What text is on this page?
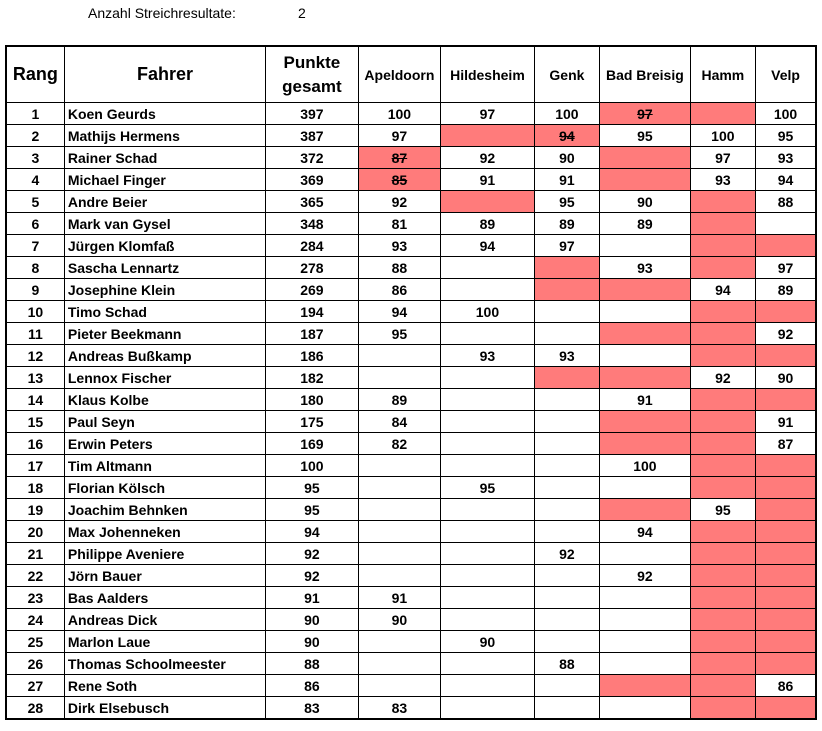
Anzahl Streichresultate:	2
Rang	Fahrer	Punkte gesamt	Apeldoorn	Hildesheim	Genk	Bad Breisig	Hamm	Velp
1	Koen Geurds	397	100	97	100	97		100
2	Mathijs Hermens	387	97		94	95	100	95
3	Rainer Schad	372	87	92	90		97	93
4	Michael Finger	369	85	91	91		93	94
5	Andre Beier	365	92		95	90		88
6	Mark van Gysel	348	81	89	89	89		
7	Jürgen Klomfaß	284	93	94	97			
8	Sascha Lennartz	278	88			93		97
9	Josephine Klein	269	86				94	89
10	Timo Schad	194	94	100				
11	Pieter Beekmann	187	95					92
12	Andreas Bußkamp	186		93	93			
13	Lennox Fischer	182					92	90
14	Klaus Kolbe	180	89			91		
15	Paul Seyn	175	84					91
16	Erwin Peters	169	82					87
17	Tim Altmann	100				100		
18	Florian Kölsch	95		95				
19	Joachim Behnken	95					95	
20	Max Johenneken	94				94		
21	Philippe Aveniere	92			92			
22	Jörn Bauer	92				92		
23	Bas Aalders	91	91					
24	Andreas Dick	90	90					
25	Marlon Laue	90		90				
26	Thomas Schoolmeester	88			88			
27	Rene Soth	86						86
28	Dirk Elsebusch	83	83					
